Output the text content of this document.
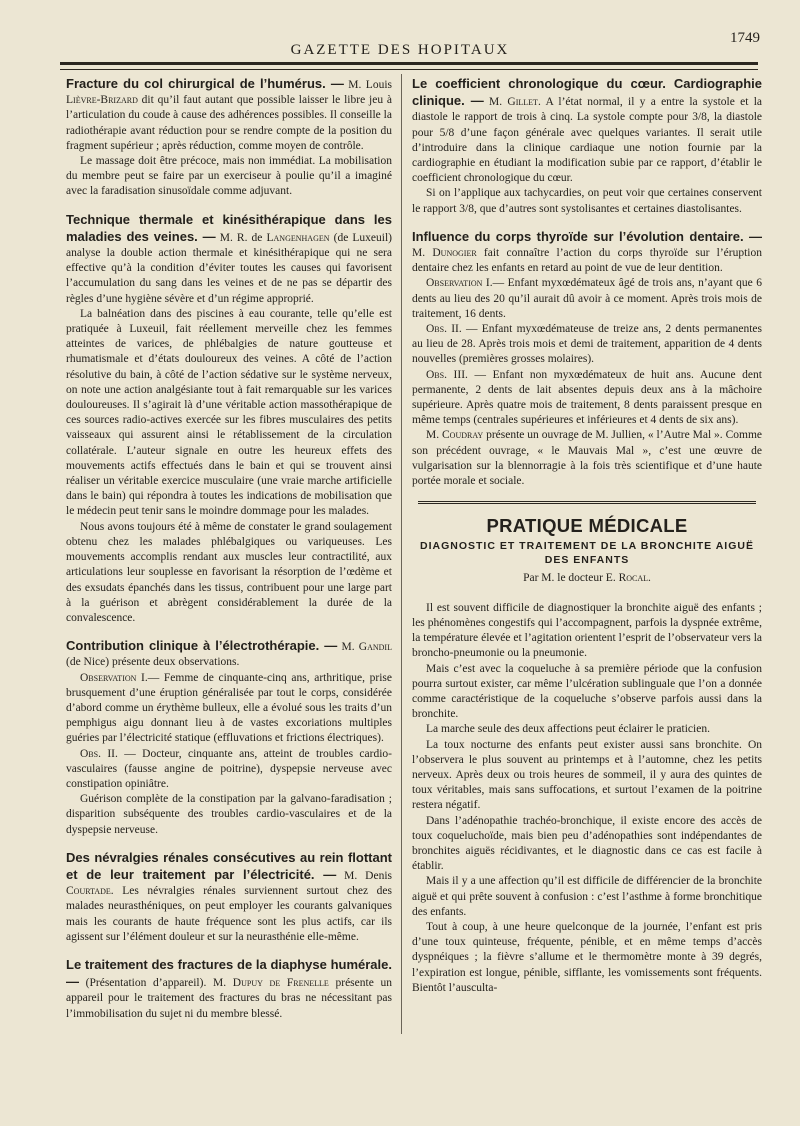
GAZETTE DES HOPITAUX
1749

Fracture du col chirurgical de l’humérus. — M. Louis Lièvre-Brizard dit qu’il faut autant que possible laisser le libre jeu à l’articulation du coude à cause des adhérences possibles. Il conseille la radiothérapie avant réduction pour se rendre compte de la position du fragment supérieur ; après réduction, comme moyen de contrôle.

Le massage doit être précoce, mais non immédiat. La mobilisation du membre peut se faire par un exerciseur à poulie qu’il a imaginé avec la faradisation sinusoïdale comme adjuvant.

Technique thermale et kinésithérapique dans les maladies des veines. — M. R. de Langenhagen (de Luxeuil) analyse la double action thermale et kinésithérapique qui ne sera effective qu’à la condition d’éviter toutes les causes qui favorisent l’accumulation du sang dans les veines et de ne pas se départir des règles d’une hygiène sévère et d’un régime approprié.

La balnéation dans des piscines à eau courante, telle qu’elle est pratiquée à Luxeuil, fait réellement merveille chez les femmes atteintes de varices, de phlébalgies de nature goutteuse et rhumatismale et d’états douloureux des veines. A côté de l’action résolutive du bain, à côté de l’action sédative sur le système nerveux, on note une action analgésiante tout à fait remarquable sur les varices douloureuses. Il s’agirait là d’une véritable action massothérapique de ces sources radio-actives exercée sur les fibres musculaires des petits vaisseaux qui assurent ainsi le rétablissement de la circulation collatérale. L’auteur signale en outre les heureux effets des mouvements actifs effectués dans le bain et qui se trouvent ainsi réaliser un véritable exercice musculaire (une vraie marche artificielle dans le bain) qui répondra à toutes les indications de mobilisation que le médecin peut tenir sans le moindre dommage pour les malades.

Nous avons toujours été à même de constater le grand soulagement obtenu chez les malades phlébalgiques ou variqueuses. Les mouvements accomplis rendant aux muscles leur contractilité, aux articulations leur souplesse en favorisant la résorption de l’œdème et des exsudats épanchés dans les tissus, contribuent pour une large part à la guérison et abrègent considérablement la durée de la convalescence.

Contribution clinique à l’électrothérapie. — M. Gandil (de Nice) présente deux observations.

Observation I.— Femme de cinquante-cinq ans, arthritique, prise brusquement d’une éruption généralisée par tout le corps, considérée d’abord comme un érythème bulleux, elle a évolué sous les traits d’un pemphigus aigu donnant lieu à de vastes excoriations multiples guéries par l’électricité statique (effluvations et frictions électriques).

Obs. II. — Docteur, cinquante ans, atteint de troubles cardio-vasculaires (fausse angine de poitrine), dyspepsie nerveuse avec constipation opiniâtre.

Guérison complète de la constipation par la galvano-faradisation ; disparition subséquente des troubles cardio-vasculaires et de la dyspepsie nerveuse.

Des névralgies rénales consécutives au rein flottant et de leur traitement par l’électricité. — M. Denis Courtade. Les névralgies rénales surviennent surtout chez des malades neurasthéniques, on peut employer les courants galvaniques mais les courants de haute fréquence sont les plus actifs, car ils agissent sur l’élément douleur et sur la neurasthénie elle-même.

Le traitement des fractures de la diaphyse humérale. — (Présentation d’appareil). M. Dupuy de Frenelle présente un appareil pour le traitement des fractures du bras ne nécessitant pas l’immobilisation du sujet ni du membre blessé.

Le coefficient chronologique du cœur. Cardiographie clinique. — M. Gillet. A l’état normal, il y a entre la systole et la diastole le rapport de trois à cinq. La systole compte pour 3/8, la diastole pour 5/8 d’une façon générale avec quelques variantes. Il serait utile d’introduire dans la clinique cardiaque une notion fournie par la cardiographie en étudiant la modification subie par ce rapport, d’établir le coefficient chronologique du cœur.

Si on l’applique aux tachycardies, on peut voir que certaines conservent le rapport 3/8, que d’autres sont systolisantes et certaines diastolisantes.

Influence du corps thyroïde sur l’évolution dentaire. — M. Dunogier fait connaître l’action du corps thyroïde sur l’éruption dentaire chez les enfants en retard au point de vue de leur dentition.

Observation I.— Enfant myxœdémateux âgé de trois ans, n’ayant que 6 dents au lieu des 20 qu’il aurait dû avoir à ce moment. Après trois mois de traitement, 16 dents.

Obs. II. — Enfant myxœdémateuse de treize ans, 2 dents permanentes au lieu de 28. Après trois mois et demi de traitement, apparition de 4 dents nouvelles (premières grosses molaires).

Obs. III. — Enfant non myxœdémateux de huit ans. Aucune dent permanente, 2 dents de lait absentes depuis deux ans à la mâchoire supérieure. Après quatre mois de traitement, 8 dents paraissent presque en même temps (centrales supérieures et inférieures et 4 dents de six ans).

M. Coudray présente un ouvrage de M. Jullien, « l’Autre Mal ». Comme son précédent ouvrage, « le Mauvais Mal », c’est une œuvre de vulgarisation sur la blennorragie à la fois très scientifique et d’une haute portée morale et sociale.

PRATIQUE MÉDICALE
DIAGNOSTIC ET TRAITEMENT DE LA BRONCHITE AIGUË DES ENFANTS
Par M. le docteur E. Rocal.

Il est souvent difficile de diagnostiquer la bronchite aiguë des enfants ; les phénomènes congestifs qui l’accompagnent, parfois la dyspnée extrême, la température élevée et l’agitation orientent l’esprit de l’observateur vers la broncho-pneumonie ou la pneumonie.

Mais c’est avec la coqueluche à sa première période que la confusion pourra surtout exister, car même l’ulcération sublinguale que l’on a donnée comme caractéristique de la coqueluche s’observe parfois aussi dans la bronchite.

La marche seule des deux affections peut éclairer le praticien.

La toux nocturne des enfants peut exister aussi sans bronchite. On l’observera le plus souvent au printemps et à l’automne, chez les petits nerveux. Après deux ou trois heures de sommeil, il y aura des quintes de toux véritables, mais sans suffocations, et surtout l’examen de la poitrine restera négatif.

Dans l’adénopathie trachéo-bronchique, il existe encore des accès de toux coqueluchoïde, mais bien peu d’adénopathies sont indépendantes de bronchites aiguës récidivantes, et le diagnostic dans ce cas est facile à établir.

Mais il y a une affection qu’il est difficile de différencier de la bronchite aiguë et qui prête souvent à confusion : c’est l’asthme à forme bronchitique des enfants.

Tout à coup, à une heure quelconque de la journée, l’enfant est pris d’une toux quinteuse, fréquente, pénible, et en même temps d’accès dyspnéiques ; la fièvre s’allume et le thermomètre monte à 39 degrés, l’expiration est longue, pénible, sifflante, les vomissements sont fréquents. Bientôt l’ausculta-
